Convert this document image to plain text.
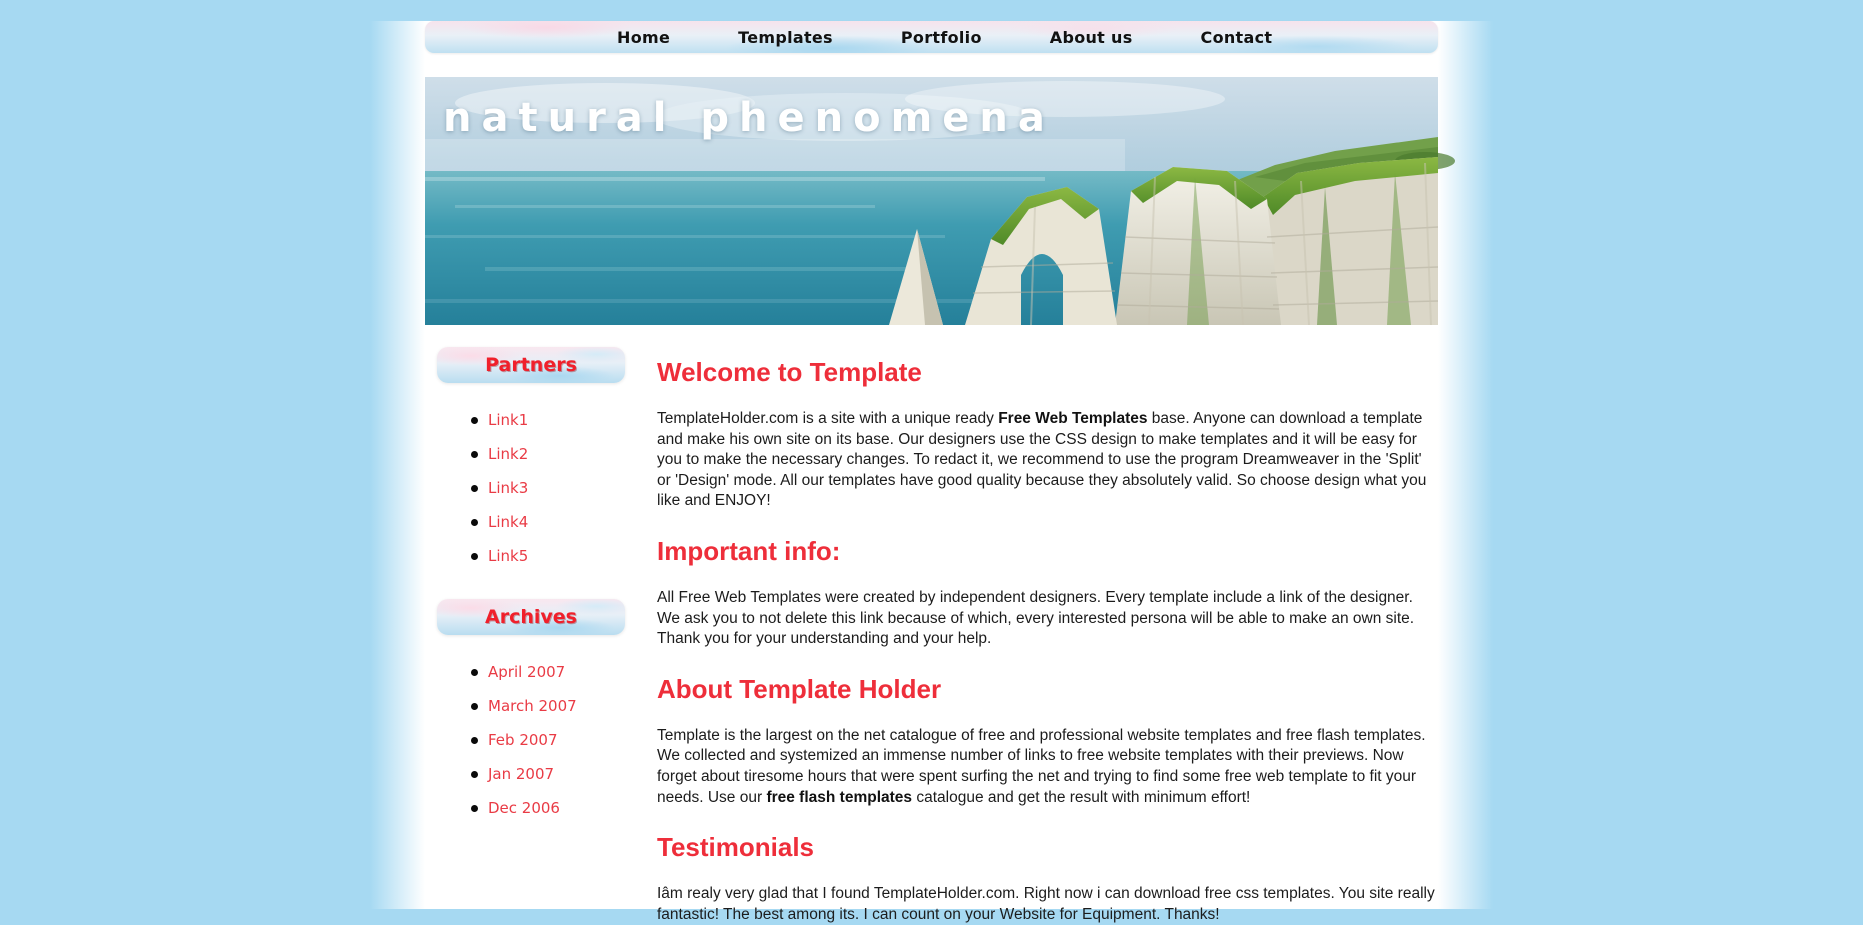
Home	Templates	Portfolio	About us	Contact
natural phenomena
Partners
Link1
Link2
Link3
Link4
Link5
Archives
April 2007
March 2007
Feb 2007
Jan 2007
Dec 2006
Welcome to Template

TemplateHolder.com is a site with a unique ready Free Web Templates base. Anyone can download a template and make his own site on its base. Our designers use the CSS design to make templates and it will be easy for you to make the necessary changes. To redact it, we recommend to use the program Dreamweaver in the 'Split' or 'Design' mode. All our templates have good quality because they absolutely valid. So choose design what you like and ENJOY!

Important info:

All Free Web Templates were created by independent designers. Every template include a link of the designer. We ask you to not delete this link because of which, every interested persona will be able to make an own site. Thank you for your understanding and your help.

About Template Holder

Template is the largest on the net catalogue of free and professional website templates and free flash templates. We collected and systemized an immense number of links to free website templates with their previews. Now forget about tiresome hours that were spent surfing the net and trying to find some free web template to fit your needs. Use our free flash templates catalogue and get the result with minimum effort!

Testimonials

Iâm realy very glad that I found TemplateHolder.com. Right now i can download free css templates. You site really fantastic! The best among its. I can count on your Website for Equipment. Thanks!
